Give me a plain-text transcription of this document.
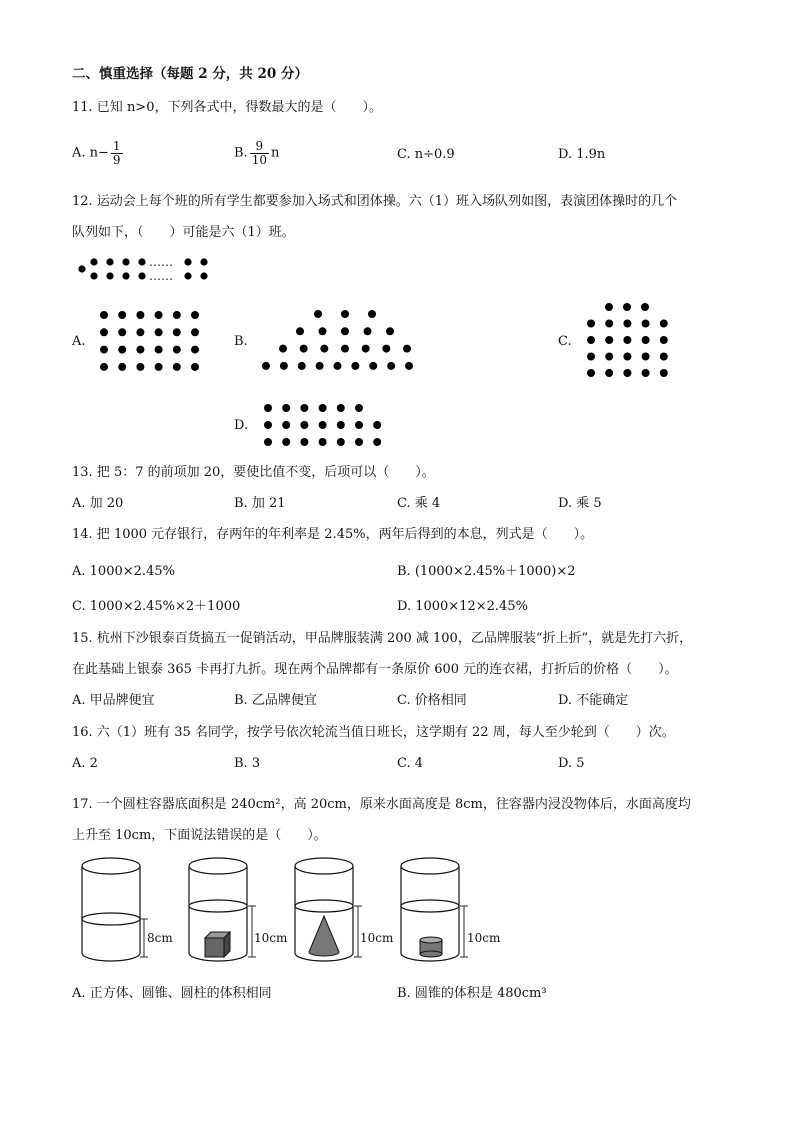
二、慎重选择（每题 2 分，共 20 分）
11. 已知 n>0，下列各式中，得数最大的是（　　）。
A. $n- \frac{1}{9}$	B. $\frac{9}{10}$ n	C. n÷0.9	D. 1.9n
12. 运动会上每个班的所有学生都要参加入场式和团体操。六（1）班入场队列如图，表演团体操时的几个
队列如下，（　　）可能是六（1）班。
A.	B.	C.
D.
13. 把 5：7 的前项加 20，要使比值不变，后项可以（　　）。
A. 加 20	B. 加 21	C. 乘 4	D. 乘 5
14. 把 1000 元存银行，存两年的年利率是 2.45%，两年后得到的本息，列式是（　　）。
A. 1000×2.45%	B. (1000×2.45%＋1000)×2
C. 1000×2.45%×2＋1000	D. 1000×12×2.45%
15. 杭州下沙银泰百货搞五一促销活动，甲品牌服装满 200 减 100，乙品牌服装“折上折”，就是先打六折，
在此基础上银泰 365 卡再打九折。现在两个品牌都有一条原价 600 元的连衣裙，打折后的价格（　　）。
A. 甲品牌便宜	B. 乙品牌便宜	C. 价格相同	D. 不能确定
16. 六（1）班有 35 名同学，按学号依次轮流当值日班长，这学期有 22 周，每人至少轮到（　　）次。
A. 2	B. 3	C. 4	D. 5
17. 一个圆柱容器底面积是 240cm²，高 20cm，原来水面高度是 8cm，往容器内浸没物体后，水面高度均
上升至 10cm，下面说法错误的是（　　）。
A. 正方体、圆锥、圆柱的体积相同	B. 圆锥的体积是 480cm³
……
……
8cm	10cm	10cm	10cm
